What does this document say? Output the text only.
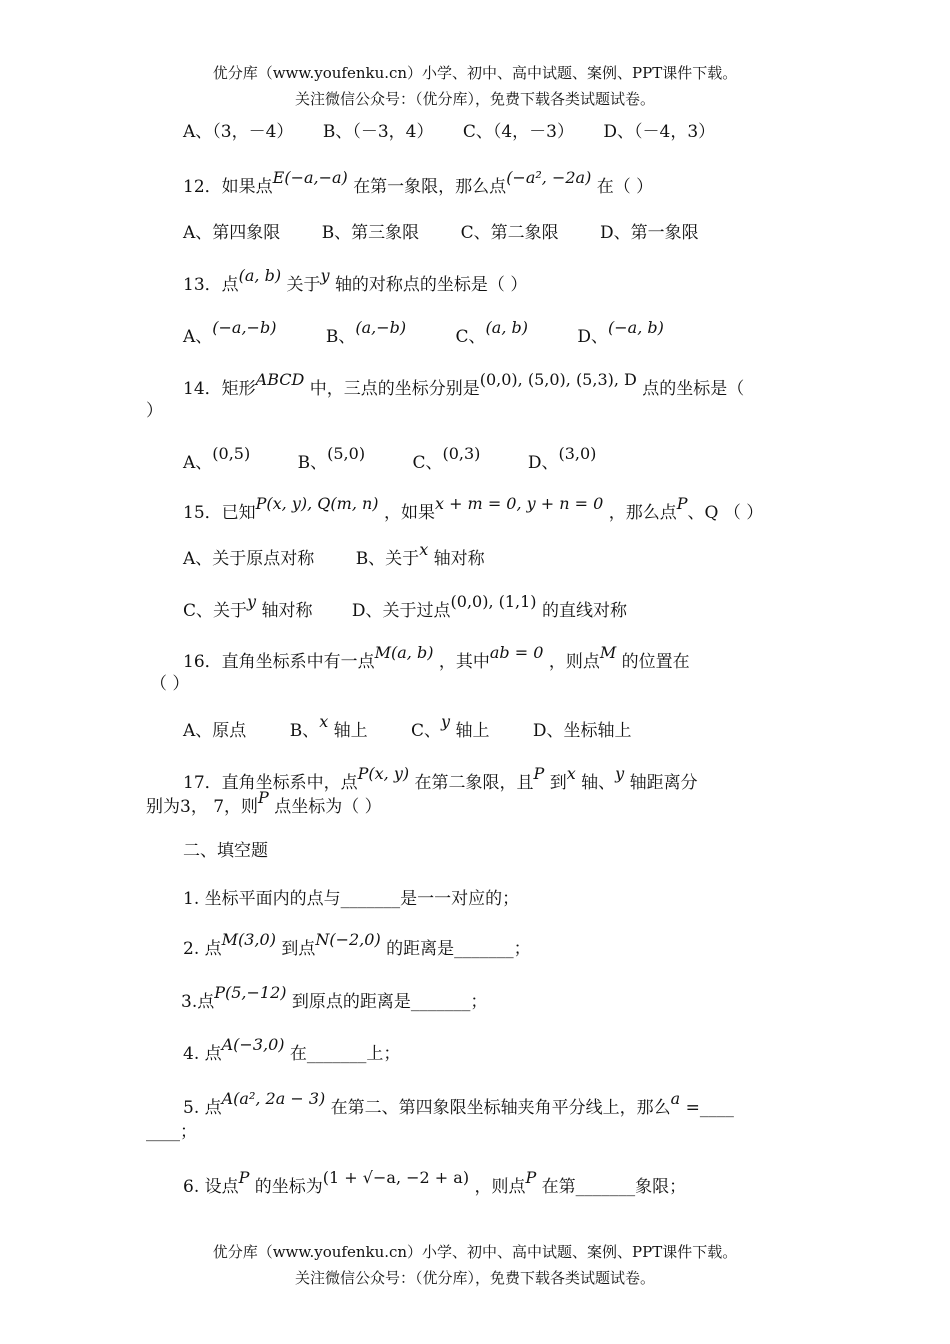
优分库（www.youfenku.cn）小学、初中、高中试题、案例、PPT课件下载。
关注微信公众号：（优分库），免费下载各类试题试卷。
A、（3，－4） B、（－3，4） C、（4，－3） D、（－4，3）
12．如果点E(−a,−a) 在第一象限，那么点(−a², −2a) 在（ ）
A、第四象限 B、第三象限 C、第二象限 D、第一象限
13．点(a, b) 关于y 轴的对称点的坐标是（ ）
A、(−a,−b)	B、(a,−b)	C、(a, b)	D、(−a, b)
14．矩形ABCD 中，三点的坐标分别是(0,0), (5,0), (5,3), D 点的坐标是（
）
A、(0,5)	B、(5,0)	C、(0,3)	D、(3,0)
15．已知P(x, y), Q(m, n) ，如果x + m = 0, y + n = 0 ，那么点P、Q （ ）
A、关于原点对称 B、关于x 轴对称
C、关于y 轴对称 D、关于过点(0,0), (1,1) 的直线对称
16．直角坐标系中有一点M(a, b) ，其中ab = 0 ，则点M 的位置在
（ ）
A、原点	B、x 轴上	C、y 轴上	D、坐标轴上
17．直角坐标系中，点P(x, y) 在第二象限，且P 到x 轴、y 轴距离分
别为3， 7，则P 点坐标为（ ）
二、填空题
1. 坐标平面内的点与_______是一一对应的；
2. 点M(3,0) 到点N(−2,0) 的距离是_______；
3.点P(5,−12) 到原点的距离是_______；
4. 点A(−3,0) 在_______上；
5. 点A(a², 2a − 3) 在第二、第四象限坐标轴夹角平分线上，那么a =____
____；
6. 设点P 的坐标为(1 + √−a, −2 + a) ，则点P 在第_______象限；
优分库（www.youfenku.cn）小学、初中、高中试题、案例、PPT课件下载。
关注微信公众号：（优分库），免费下载各类试题试卷。
